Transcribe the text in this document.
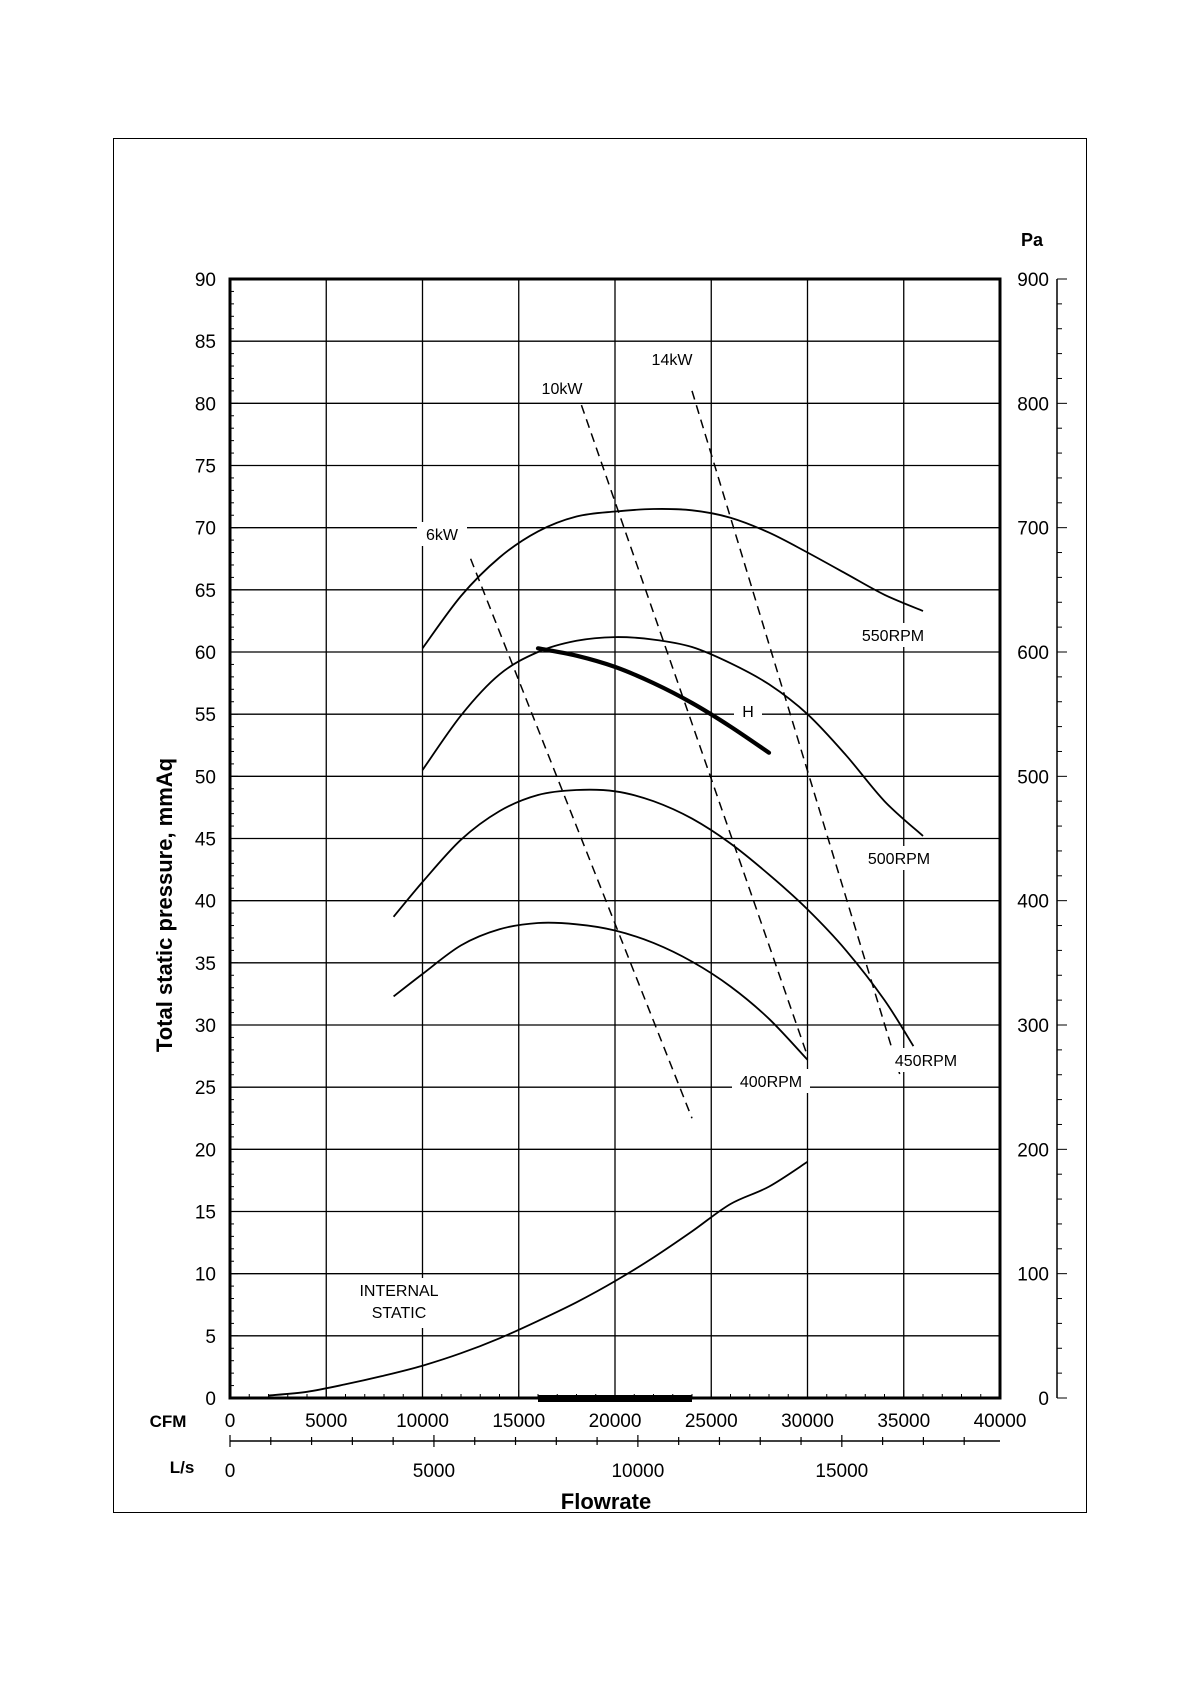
0
5
10
15
20
25
30
35
40
45
50
55
60
65
70
75
80
85
90
0
100
200
300
400
500
600
700
800
900
0	5000	10000 15000 20000 25000 30000 35000 40000
0	5000	10000	15000
550RPM
500RPM
450RPM
400RPM
6kW
10kW
14kW
H
INTERNAL
STATIC
Total static pressure, mmAq
Pa
Flowrate
CFM
L/s
